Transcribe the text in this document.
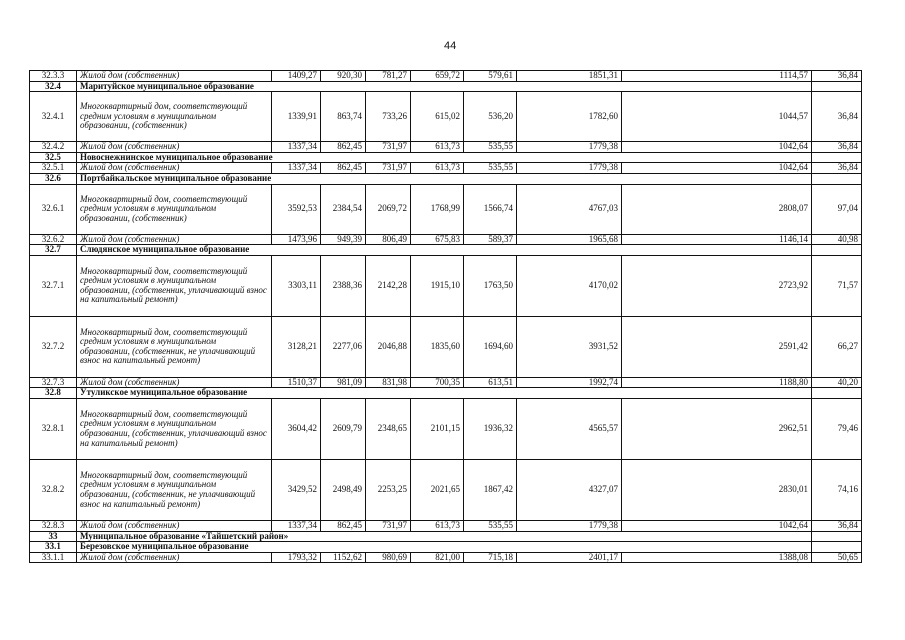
44
32.3.3	Жилой дом (собственник)	1409,27	920,30	781,27	659,72	579,61	1851,31	1114,57	36,84
32.4	Маритуйское муниципальное образование								
32.4.1	Многоквартирный дом, соответствующий средним условиям в муниципальном образовании, (собственник)	1339,91	863,74	733,26	615,02	536,20	1782,60	1044,57	36,84
32.4.2	Жилой дом (собственник)	1337,34	862,45	731,97	613,73	535,55	1779,38	1042,64	36,84
32.5	Новоснежнинское муниципальное образование								
32.5.1	Жилой дом (собственник)	1337,34	862,45	731,97	613,73	535,55	1779,38	1042,64	36,84
32.6	Портбайкальское муниципальное образование								
32.6.1	Многоквартирный дом, соответствующий средним условиям в муниципальном образовании, (собственник)	3592,53	2384,54	2069,72	1768,99	1566,74	4767,03	2808,07	97,04
32.6.2	Жилой дом (собственник)	1473,96	949,39	806,49	675,83	589,37	1965,68	1146,14	40,98
32.7	Слюдянское муниципальное образование								
32.7.1	Многоквартирный дом, соответствующий средним условиям в муниципальном образовании, (собственник, уплачивающий взнос на капитальный ремонт)	3303,11	2388,36	2142,28	1915,10	1763,50	4170,02	2723,92	71,57
32.7.2	Многоквартирный дом, соответствующий средним условиям в муниципальном образовании, (собственник, не уплачивающий взнос на капитальный ремонт)	3128,21	2277,06	2046,88	1835,60	1694,60	3931,52	2591,42	66,27
32.7.3	Жилой дом (собственник)	1510,37	981,09	831,98	700,35	613,51	1992,74	1188,80	40,20
32.8	Утуликское муниципальное образование								
32.8.1	Многоквартирный дом, соответствующий средним условиям в муниципальном образовании, (собственник, уплачивающий взнос на капитальный ремонт)	3604,42	2609,79	2348,65	2101,15	1936,32	4565,57	2962,51	79,46
32.8.2	Многоквартирный дом, соответствующий средним условиям в муниципальном образовании, (собственник, не уплачивающий взнос на капитальный ремонт)	3429,52	2498,49	2253,25	2021,65	1867,42	4327,07	2830,01	74,16
32.8.3	Жилой дом (собственник)	1337,34	862,45	731,97	613,73	535,55	1779,38	1042,64	36,84
33	Муниципальное образование «Тайшетский район»								
33.1	Березовское муниципальное образование								
33.1.1	Жилой дом (собственник)	1793,32	1152,62	980,69	821,00	715,18	2401,17	1388,08	50,65
